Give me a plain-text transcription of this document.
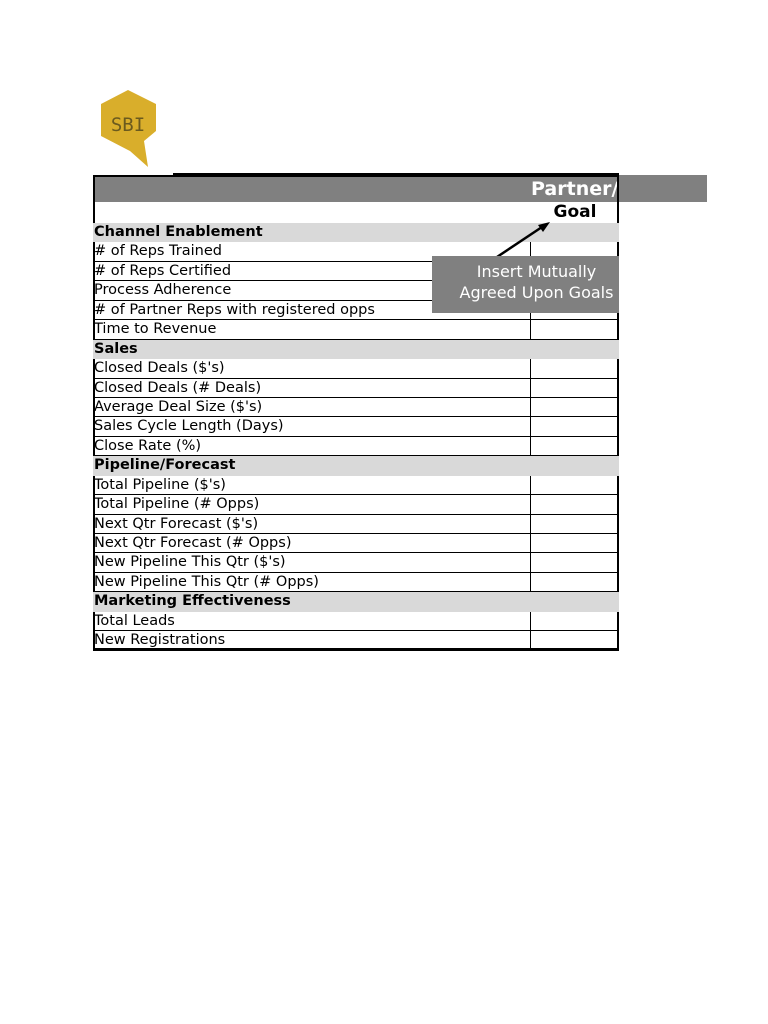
SBI
Partner/
Goal
Channel Enablement
# of Reps Trained
# of Reps Certified
Process Adherence
# of Partner Reps with registered opps
Time to Revenue
Sales
Closed Deals ($'s)
Closed Deals (# Deals)
Average Deal Size ($'s)
Sales Cycle Length (Days)
Close Rate (%)
Pipeline/Forecast
Total Pipeline ($'s)
Total Pipeline (# Opps)
Next Qtr Forecast ($'s)
Next Qtr Forecast (# Opps)
New Pipeline This Qtr ($'s)
New Pipeline This Qtr (# Opps)
Marketing Effectiveness
Total Leads
New Registrations
Insert Mutually
Agreed Upon Goals
